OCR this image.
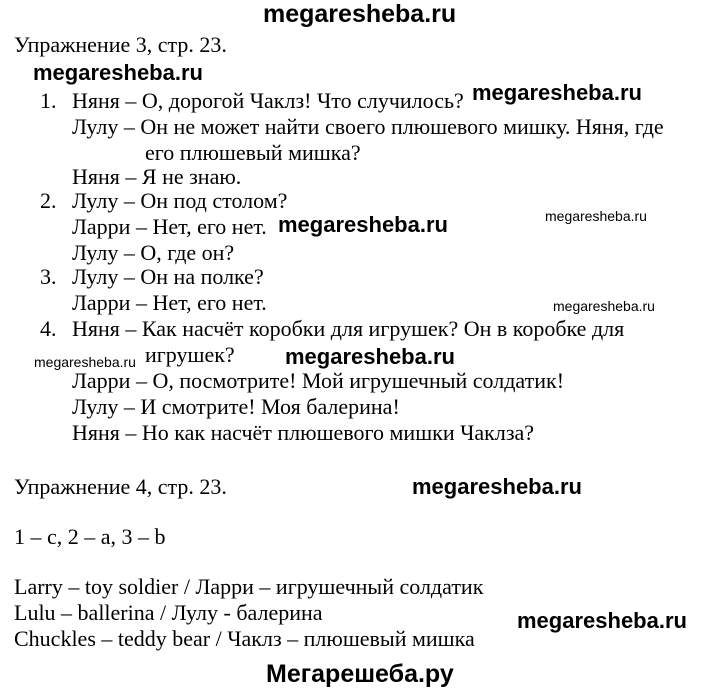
megaresheba.ru
Упражнение 3, стр. 23.
megaresheba.ru
1. Няня – О, дорогой Чаклз! Что случилось? megaresheba.ru
Лулу – Он не может найти своего плюшевого мишку. Няня, где
его плюшевый мишка?
Няня – Я не знаю.
2. Лулу – Он под столом?
Ларри – Нет, его нет. megaresheba.ru	megaresheba.ru
Лулу – О, где он?
3. Лулу – Он на полке?
Ларри – Нет, его нет.	megaresheba.ru
4. Няня – Как насчёт коробки для игрушек? Он в коробке для
megaresheba.ru игрушек? megaresheba.ru
Ларри – О, посмотрите! Мой игрушечный солдатик!
Лулу – И смотрите! Моя балерина!
Няня – Но как насчёт плюшевого мишки Чаклза?
Упражнение 4, стр. 23.	megaresheba.ru
1 – c, 2 – a, 3 – b
Larry – toy soldier / Ларри – игрушечный солдатик
Lulu – ballerina / Лулу - балерина	megaresheba.ru
Chuckles – teddy bear / Чаклз – плюшевый мишка
Мегарешеба.ру
